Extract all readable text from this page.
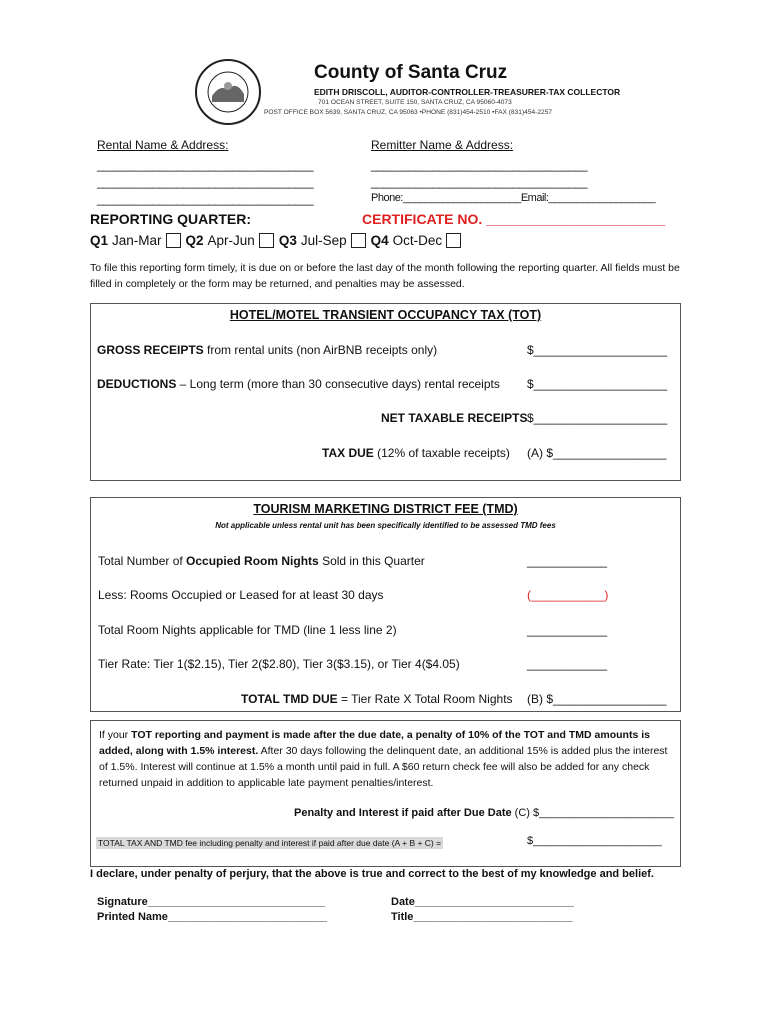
County of Santa Cruz
EDITH DRISCOLL, AUDITOR-CONTROLLER-TREASURER-TAX COLLECTOR
701 OCEAN STREET, SUITE 150, SANTA CRUZ, CA 95060-4073
POST OFFICE BOX 5639, SANTA CRUZ, CA 95063 •PHONE (831)454-2510 •FAX (831)454-2257
Rental Name & Address:
___________________________________
___________________________________
___________________________________
Remitter Name & Address:
___________________________________
___________________________________
Phone:_____________________Email:___________________
REPORTING QUARTER:	CERTIFICATE NO. _______________________
Q1 Jan-Mar Q2 Apr-Jun Q3 Jul-Sep Q4 Oct-Dec
To file this reporting form timely, it is due on or before the last day of the month following the reporting quarter. All fields must be filled in completely or the form may be returned, and penalties may be assessed.
HOTEL/MOTEL TRANSIENT OCCUPANCY TAX (TOT)
GROSS RECEIPTS from rental units (non AirBNB receipts only)	$____________________
DEDUCTIONS – Long term (more than 30 consecutive days) rental receipts $____________________
NET TAXABLE RECEIPTS $____________________
TAX DUE (12% of taxable receipts) (A) $_________________
TOURISM MARKETING DISTRICT FEE (TMD)
Not applicable unless rental unit has been specifically identified to be assessed TMD fees
Total Number of Occupied Room Nights Sold in this Quarter	____________
Less: Rooms Occupied or Leased for at least 30 days	(___________)
Total Room Nights applicable for TMD (line 1 less line 2)	____________
Tier Rate: Tier 1($2.15), Tier 2($2.80), Tier 3($3.15), or Tier 4($4.05)	____________
TOTAL TMD DUE = Tier Rate X Total Room Nights (B) $_________________
If your TOT reporting and payment is made after the due date, a penalty of 10% of the TOT and TMD amounts is added, along with 1.5% interest. After 30 days following the delinquent date, an additional 15% is added plus the interest of 1.5%. Interest will continue at 1.5% a month until paid in full. A $60 return check fee will also be added for any check returned unpaid in addition to applicable late payment penalties/interest.
Penalty and Interest if paid after Due Date (C) $______________________
TOTAL TAX AND TMD fee including penalty and interest if paid after due date (A + B + C) =	$_____________________
I declare, under penalty of perjury, that the above is true and correct to the best of my knowledge and belief.
Signature_____________________________
Printed Name__________________________
Date__________________________
Title__________________________
